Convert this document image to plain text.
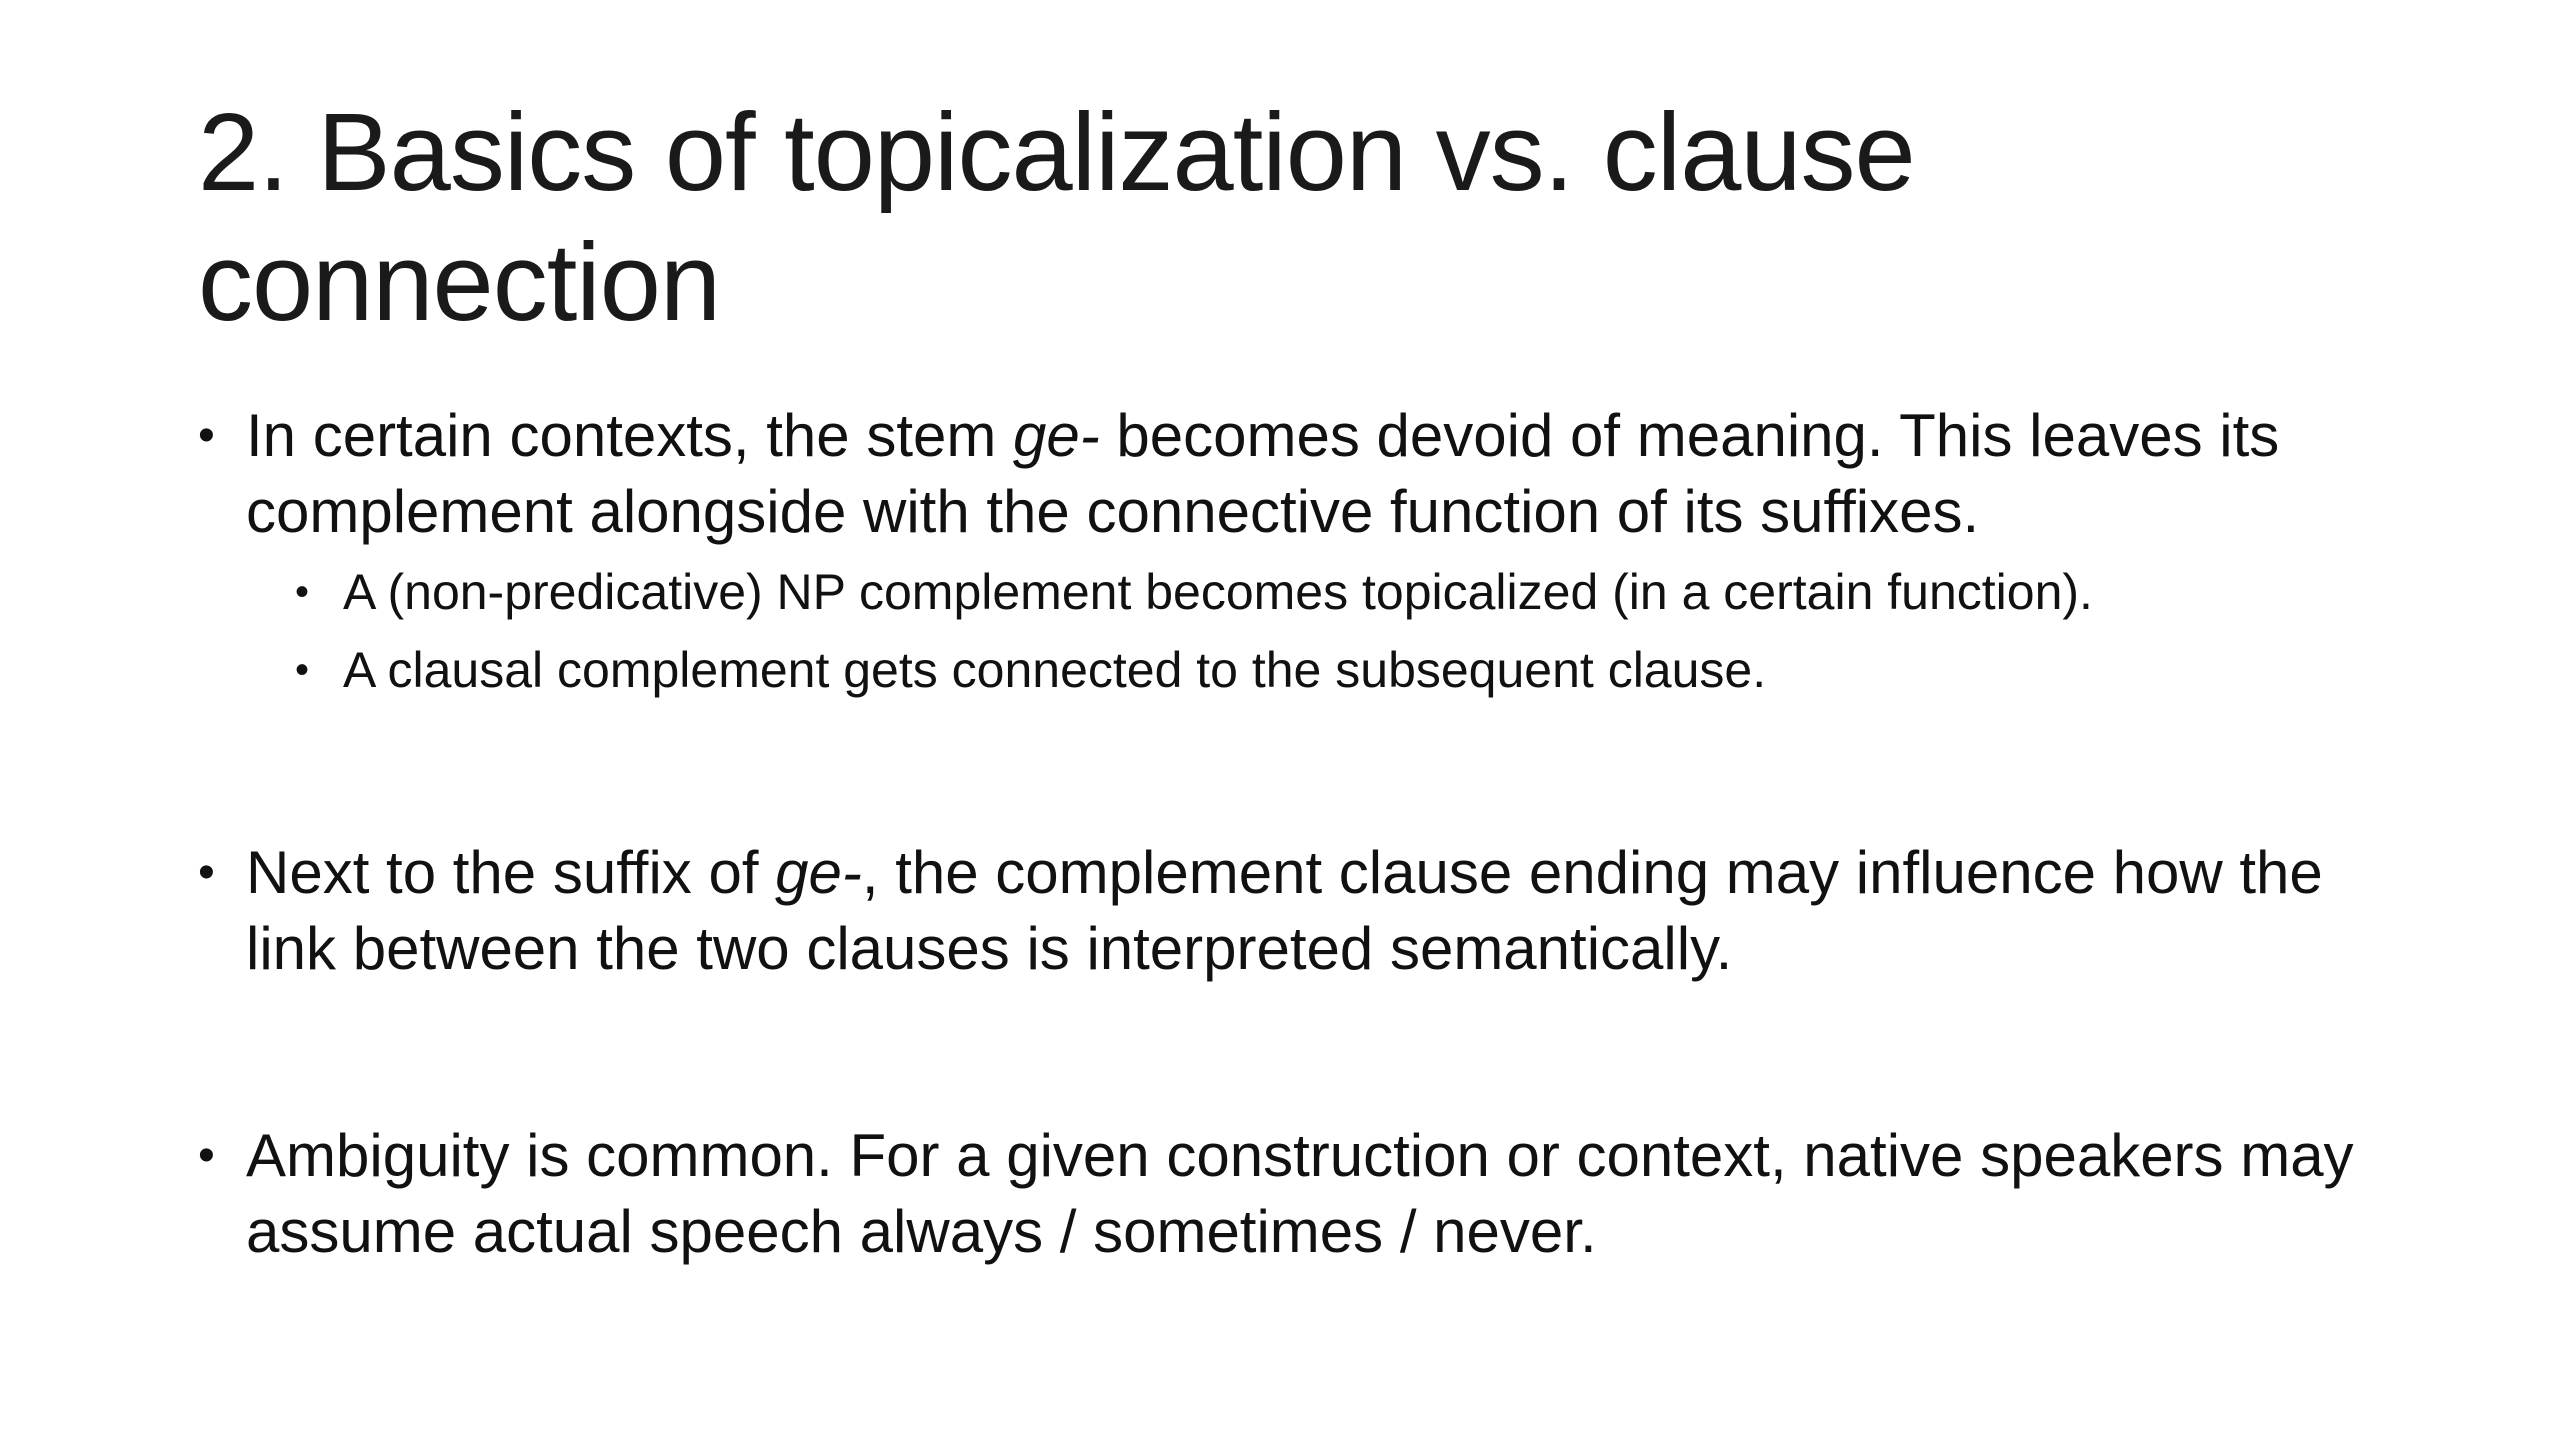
2. Basics of topicalization vs. clause connection
• In certain contexts, the stem ge- becomes devoid of meaning. This leaves its complement alongside with the connective function of its suffixes.
• A (non-predicative) NP complement becomes topicalized (in a certain function).
• A clausal complement gets connected to the subsequent clause.
• Next to the suffix of ge-, the complement clause ending may influence how the link between the two clauses is interpreted semantically.
• Ambiguity is common. For a given construction or context, native speakers may assume actual speech always / sometimes / never.
